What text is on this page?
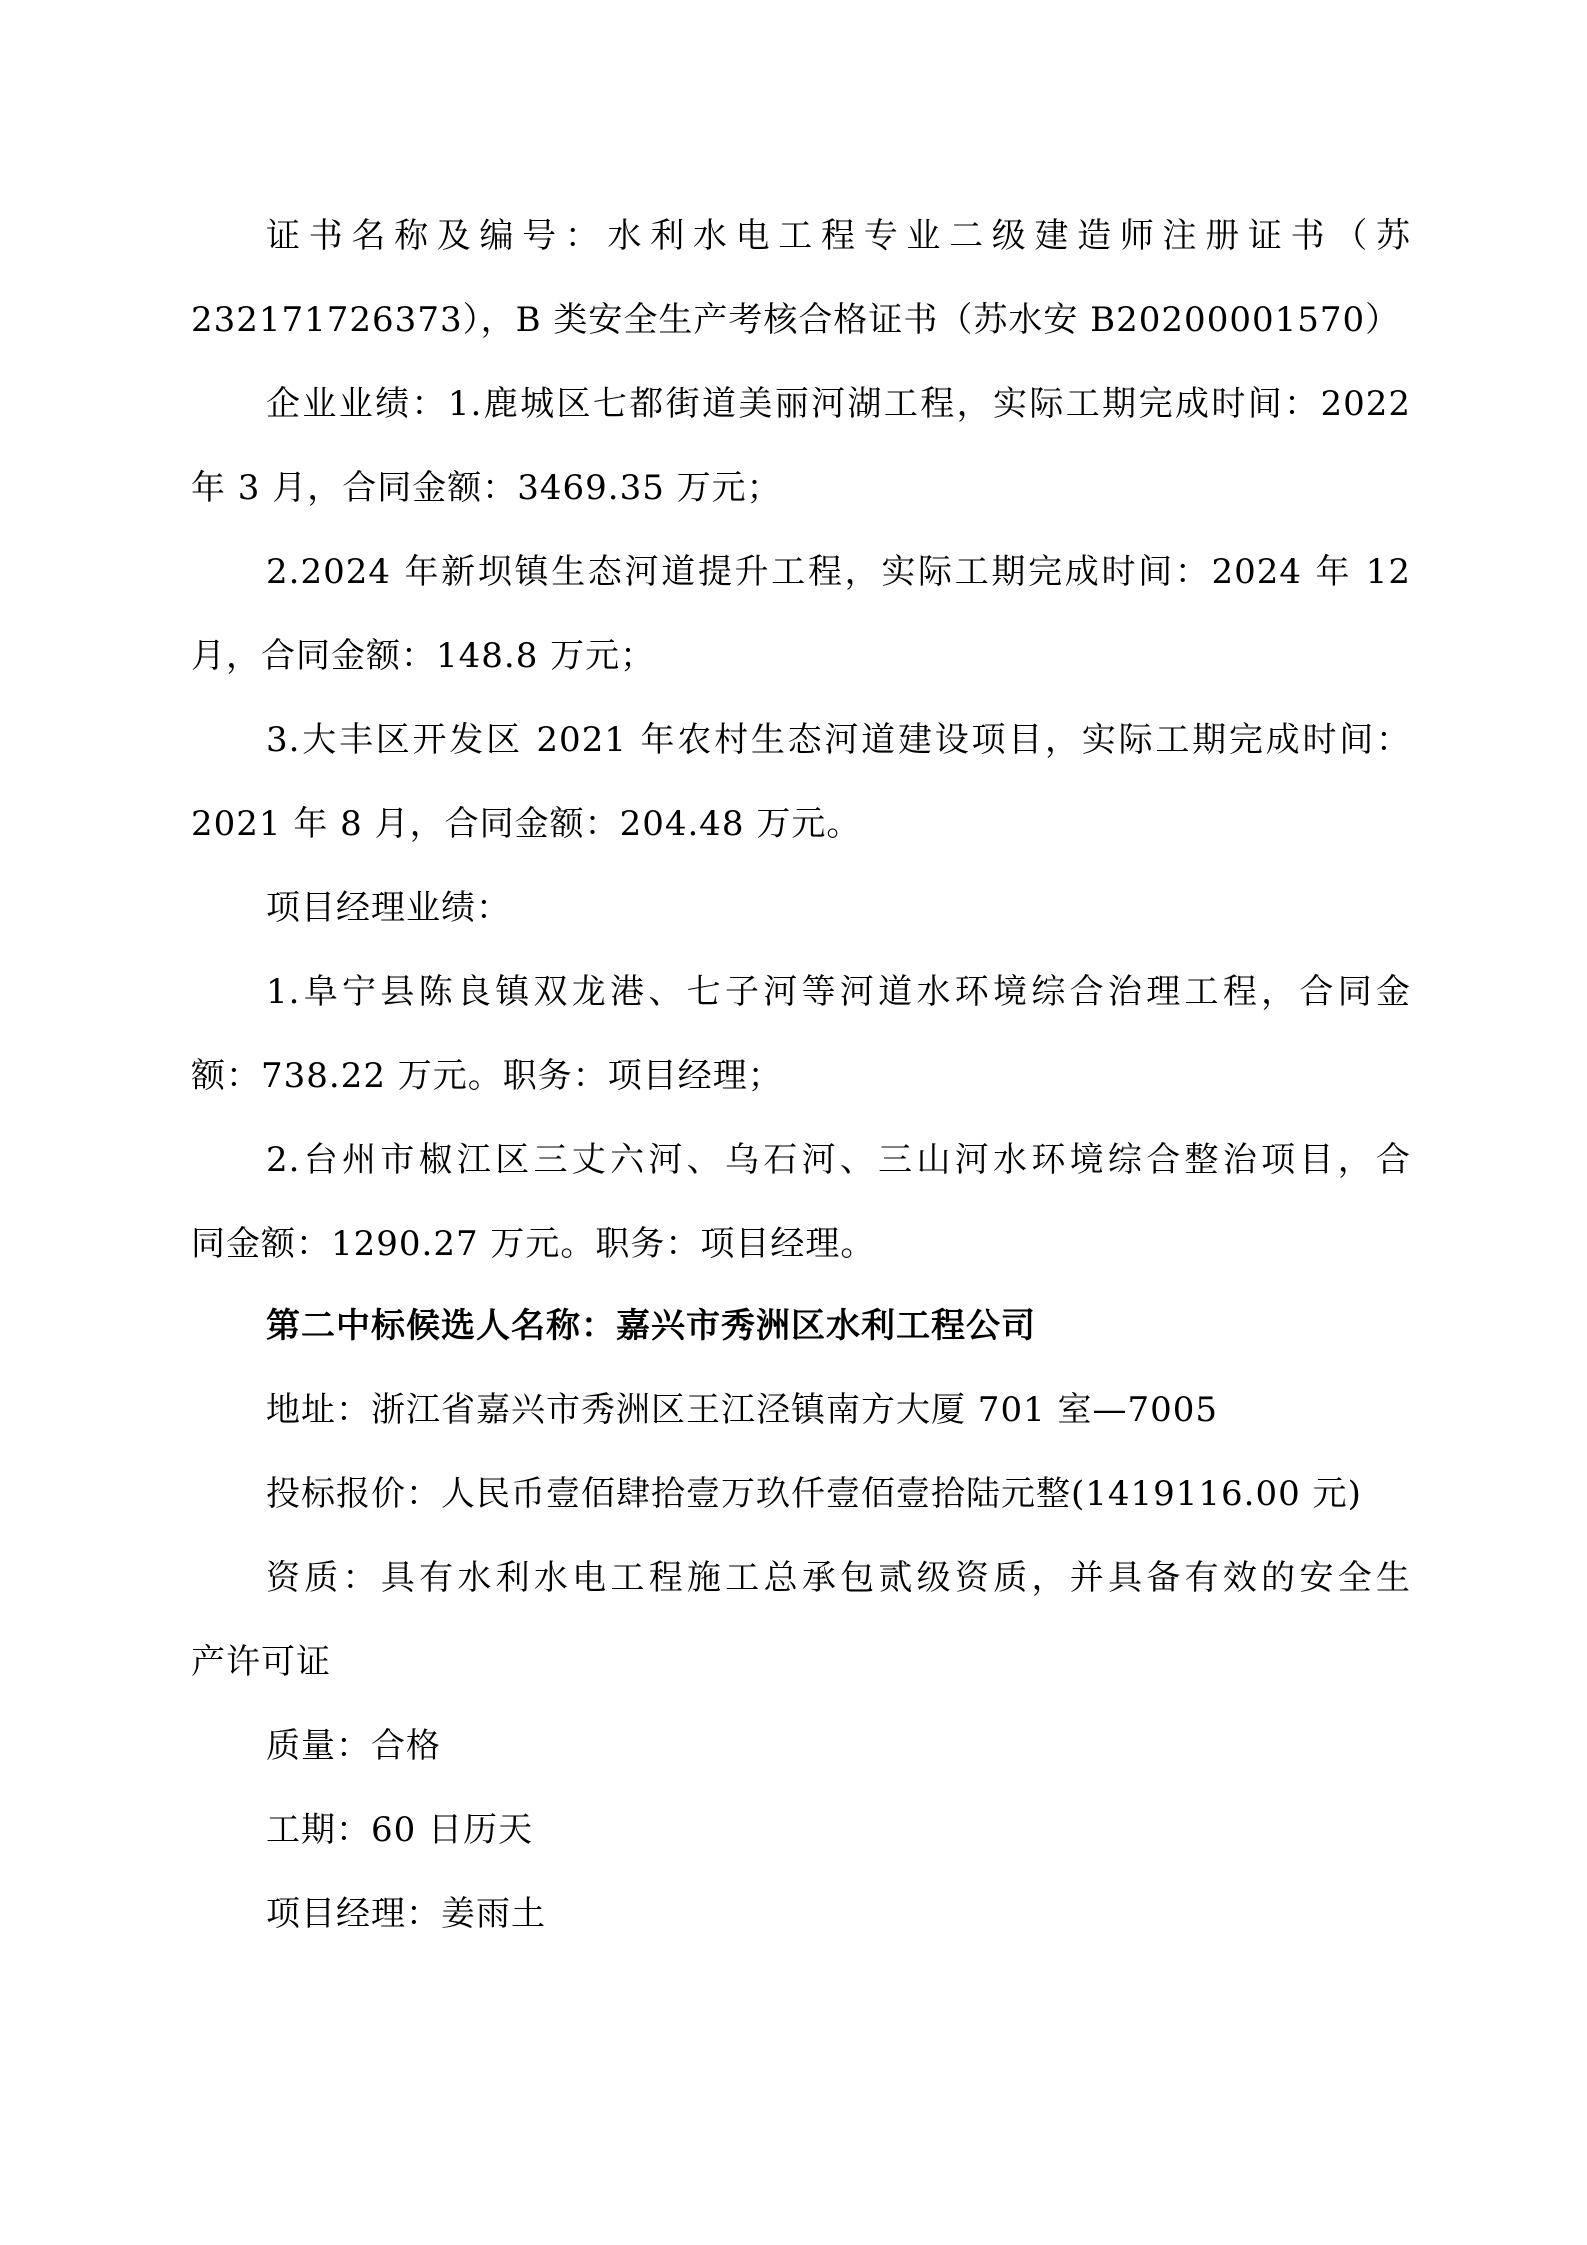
证书名称及编号：水利水电工程专业二级建造师注册证书（苏
232171726373），B 类安全生产考核合格证书（苏水安 B20200001570）
企业业绩：1.鹿城区七都街道美丽河湖工程，实际工期完成时间：2022
年 3 月，合同金额：3469.35 万元；
2.2024 年新坝镇生态河道提升工程，实际工期完成时间：2024 年 12
月，合同金额：148.8 万元；
3.大丰区开发区 2021 年农村生态河道建设项目，实际工期完成时间：
2021 年 8 月，合同金额：204.48 万元。
项目经理业绩：
1.阜宁县陈良镇双龙港、七子河等河道水环境综合治理工程，合同金
额：738.22 万元。职务：项目经理；
2.台州市椒江区三丈六河、乌石河、三山河水环境综合整治项目，合
同金额：1290.27 万元。职务：项目经理。
第二中标候选人名称：嘉兴市秀洲区水利工程公司
地址：浙江省嘉兴市秀洲区王江泾镇南方大厦 701 室—7005
投标报价：人民币壹佰肆拾壹万玖仟壹佰壹拾陆元整(1419116.00 元)
资质：具有水利水电工程施工总承包贰级资质，并具备有效的安全生
产许可证
质量：合格
工期：60 日历天
项目经理：姜雨土
